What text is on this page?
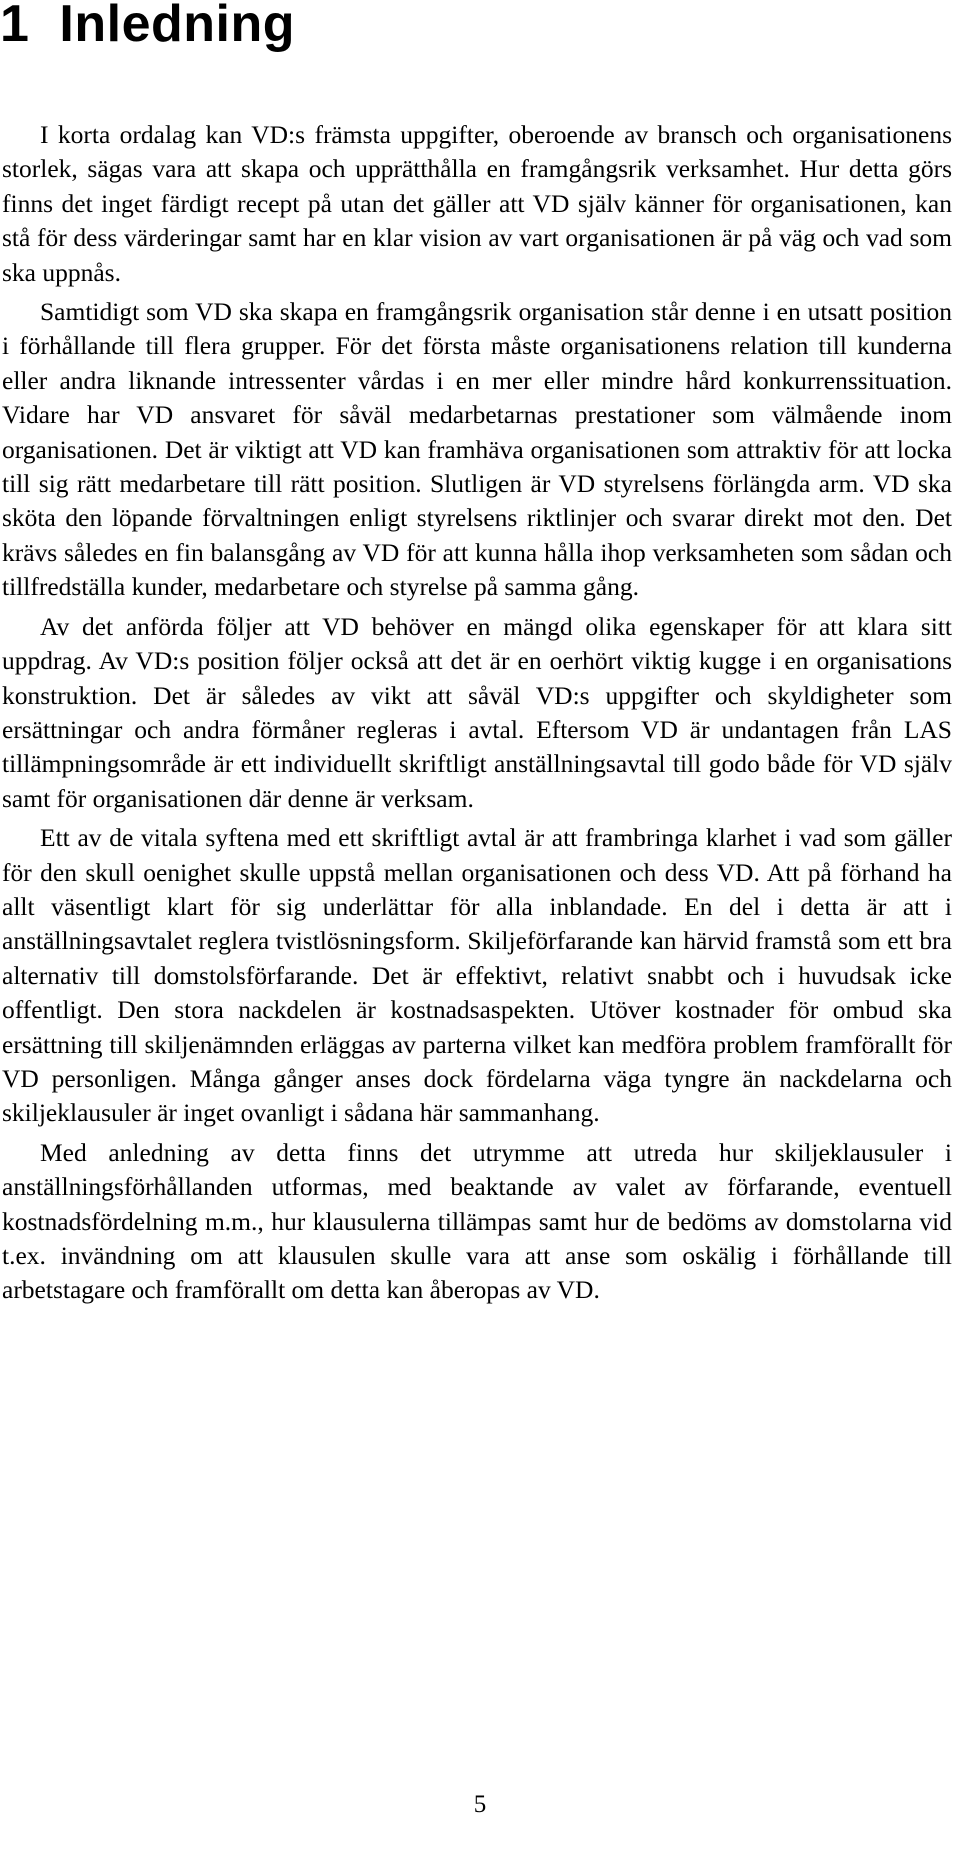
1 Inledning

I korta ordalag kan VD:s främsta uppgifter, oberoende av bransch och organisationens storlek, sägas vara att skapa och upprätthålla en framgångsrik verksamhet. Hur detta görs finns det inget färdigt recept på utan det gäller att VD själv känner för organisationen, kan stå för dess värderingar samt har en klar vision av vart organisationen är på väg och vad som ska uppnås.

Samtidigt som VD ska skapa en framgångsrik organisation står denne i en utsatt position i förhållande till flera grupper. För det första måste organisationens relation till kunderna eller andra liknande intressenter vårdas i en mer eller mindre hård konkurrenssituation. Vidare har VD ansvaret för såväl medarbetarnas prestationer som välmående inom organisationen. Det är viktigt att VD kan framhäva organisationen som attraktiv för att locka till sig rätt medarbetare till rätt position. Slutligen är VD styrelsens förlängda arm. VD ska sköta den löpande förvaltningen enligt styrelsens riktlinjer och svarar direkt mot den. Det krävs således en fin balansgång av VD för att kunna hålla ihop verksamheten som sådan och tillfredställa kunder, medarbetare och styrelse på samma gång.

Av det anförda följer att VD behöver en mängd olika egenskaper för att klara sitt uppdrag. Av VD:s position följer också att det är en oerhört viktig kugge i en organisations konstruktion. Det är således av vikt att såväl VD:s uppgifter och skyldigheter som ersättningar och andra förmåner regleras i avtal. Eftersom VD är undantagen från LAS tillämpningsområde är ett individuellt skriftligt anställningsavtal till godo både för VD själv samt för organisationen där denne är verksam.

Ett av de vitala syftena med ett skriftligt avtal är att frambringa klarhet i vad som gäller för den skull oenighet skulle uppstå mellan organisationen och dess VD. Att på förhand ha allt väsentligt klart för sig underlättar för alla inblandade. En del i detta är att i anställningsavtalet reglera tvistlösningsform. Skiljeförfarande kan härvid framstå som ett bra alternativ till domstolsförfarande. Det är effektivt, relativt snabbt och i huvudsak icke offentligt. Den stora nackdelen är kostnadsaspekten. Utöver kostnader för ombud ska ersättning till skiljenämnden erläggas av parterna vilket kan medföra problem framförallt för VD personligen. Många gånger anses dock fördelarna väga tyngre än nackdelarna och skiljeklausuler är inget ovanligt i sådana här sammanhang.

Med anledning av detta finns det utrymme att utreda hur skiljeklausuler i anställningsförhållanden utformas, med beaktande av valet av förfarande, eventuell kostnadsfördelning m.m., hur klausulerna tillämpas samt hur de bedöms av domstolarna vid t.ex. invändning om att klausulen skulle vara att anse som oskälig i förhållande till arbetstagare och framförallt om detta kan åberopas av VD.

5
